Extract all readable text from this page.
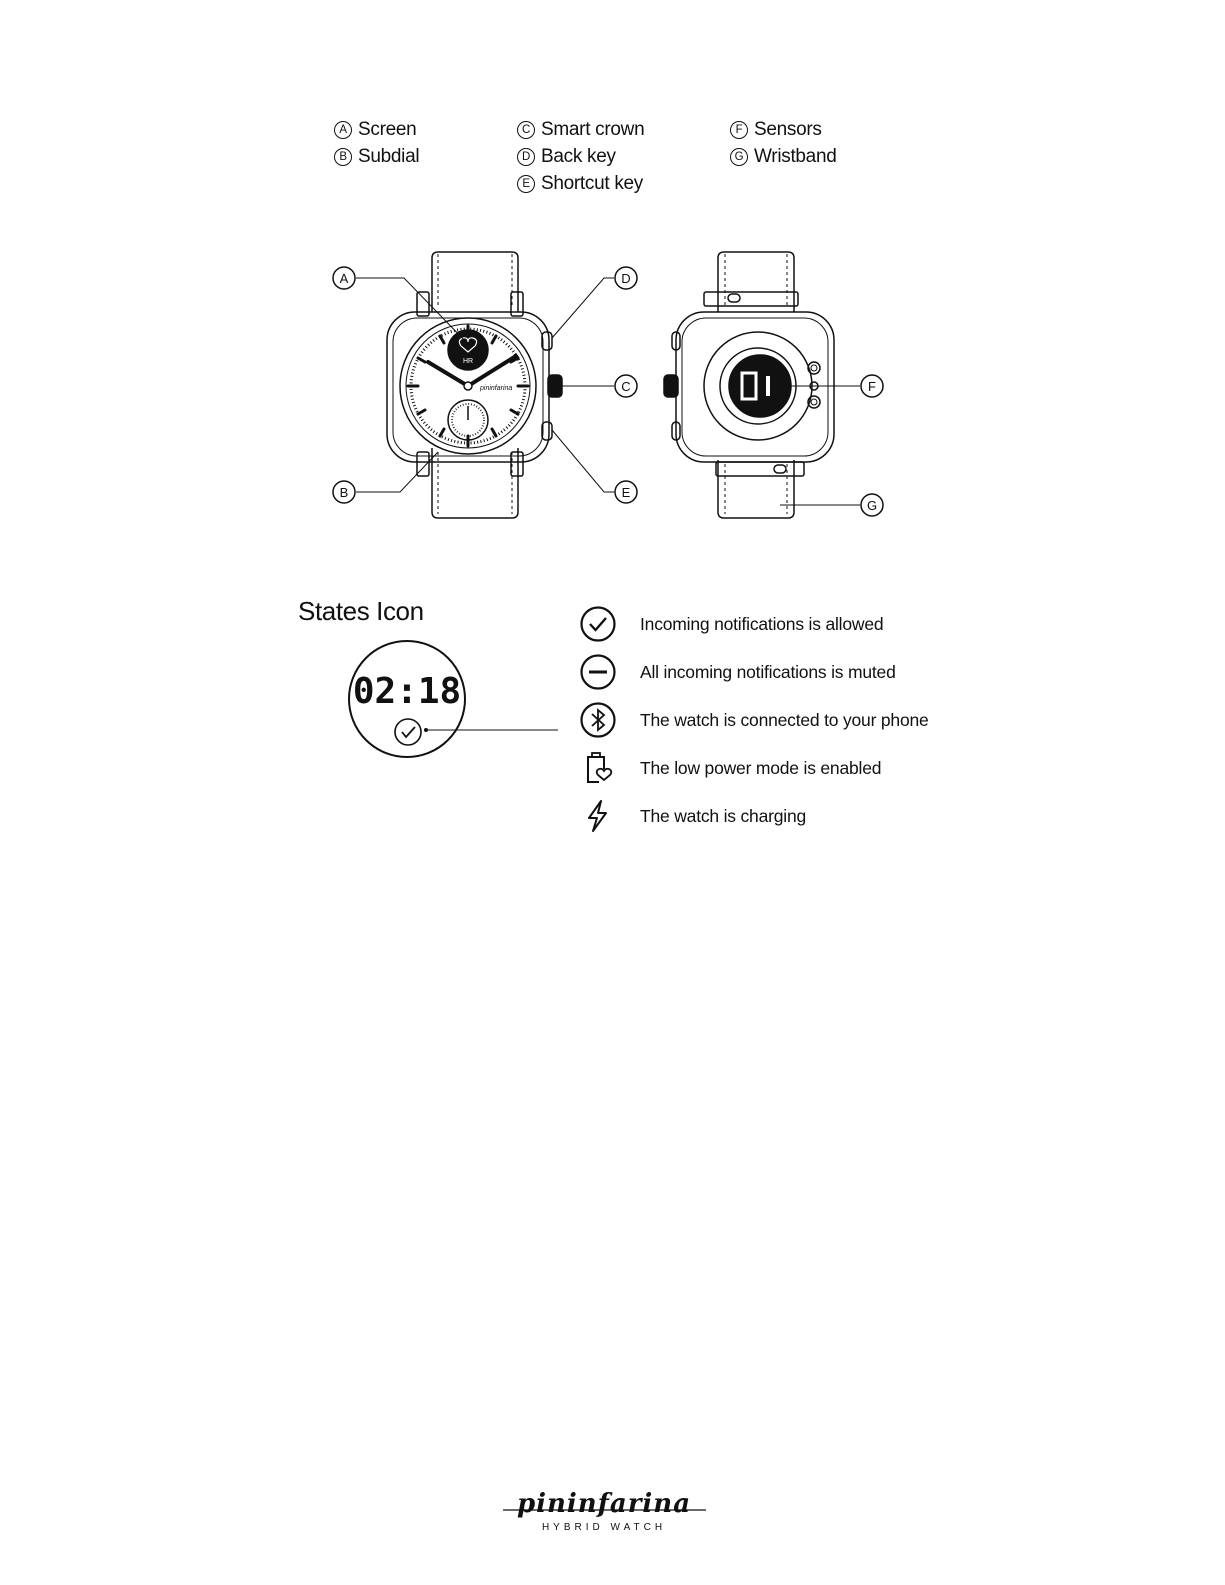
A Screen
B Subdial
C Smart crown
D Back key
E Shortcut key
F Sensors
G Wristband
HR
pininfarina
A
B
C
D
E
F
G
States Icon
02:18
Incoming notifications is allowed
All incoming notifications is muted
The watch is connected to your phone
The low power mode is enabled
The watch is charging
pininfarina
HYBRID WATCH
